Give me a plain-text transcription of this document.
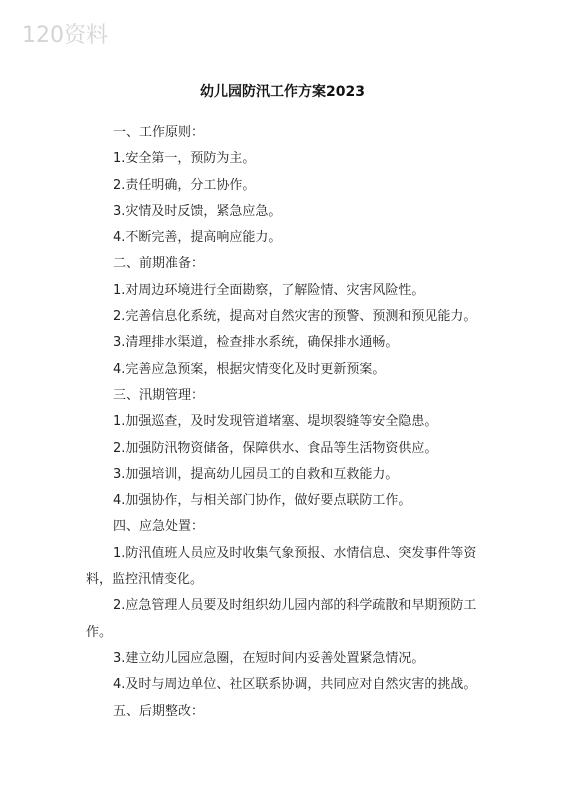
120资料
幼儿园防汛工作方案2023
一、工作原则：
1.安全第一，预防为主。
2.责任明确，分工协作。
3.灾情及时反馈，紧急应急。
4.不断完善，提高响应能力。
二、前期准备：
1.对周边环境进行全面勘察，了解险情、灾害风险性。
2.完善信息化系统，提高对自然灾害的预警、预测和预见能力。
3.清理排水渠道，检查排水系统，确保排水通畅。
4.完善应急预案，根据灾情变化及时更新预案。
三、汛期管理：
1.加强巡查，及时发现管道堵塞、堤坝裂缝等安全隐患。
2.加强防汛物资储备，保障供水、食品等生活物资供应。
3.加强培训，提高幼儿园员工的自救和互救能力。
4.加强协作，与相关部门协作，做好要点联防工作。
四、应急处置：
1.防汛值班人员应及时收集气象预报、水情信息、突发事件等资料，监控汛情变化。
2.应急管理人员要及时组织幼儿园内部的科学疏散和早期预防工作。
3.建立幼儿园应急圈，在短时间内妥善处置紧急情况。
4.及时与周边单位、社区联系协调，共同应对自然灾害的挑战。
五、后期整改：
